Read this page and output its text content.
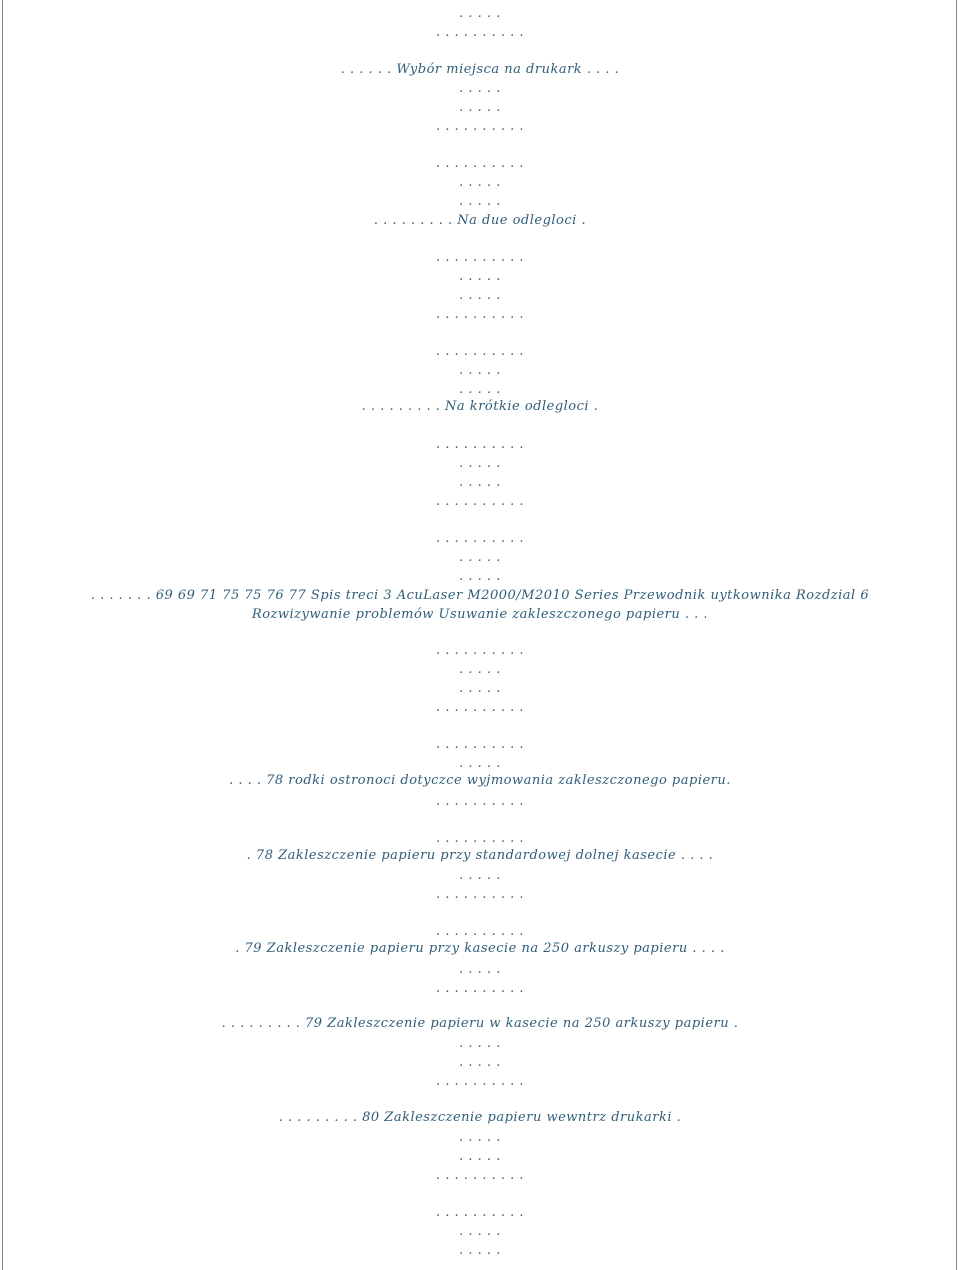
. . . . .
. . . . . . . . . .
. . . . . . Wybór miejsca na drukark . . . .
. . . . .
. . . . .
. . . . . . . . . .
. . . . . . . . . .
. . . . .
. . . . .
. . . . . . . . . Na due odlegloci .
. . . . . . . . . .
. . . . .
. . . . .
. . . . . . . . . .
. . . . . . . . . .
. . . . .
. . . . .
. . . . . . . . . Na krótkie odlegloci .
. . . . . . . . . .
. . . . .
. . . . .
. . . . . . . . . .
. . . . . . . . . .
. . . . .
. . . . .
. . . . . . . 69 69 71 75 75 76 77 Spis treci 3 AcuLaser M2000/M2010 Series Przewodnik uytkownika Rozdzial 6 Rozwizywanie problemów Usuwanie zakleszczonego papieru . . .
. . . . . . . . . .
. . . . .
. . . . .
. . . . . . . . . .
. . . . . . . . . .
. . . . .
. . . . 78 rodki ostronoci dotyczce wyjmowania zakleszczonego papieru.
. . . . . . . . . .
. . . . . . . . . .
. 78 Zakleszczenie papieru przy standardowej dolnej kasecie . . . .
. . . . .
. . . . . . . . . .
. . . . . . . . . .
. 79 Zakleszczenie papieru przy kasecie na 250 arkuszy papieru . . . .
. . . . .
. . . . . . . . . .
. . . . . . . . . 79 Zakleszczenie papieru w kasecie na 250 arkuszy papieru .
. . . . .
. . . . .
. . . . . . . . . .
. . . . . . . . . 80 Zakleszczenie papieru wewntrz drukarki .
. . . . .
. . . . .
. . . . . . . . . .
. . . . . . . . . .
. . . . .
. . . . .
